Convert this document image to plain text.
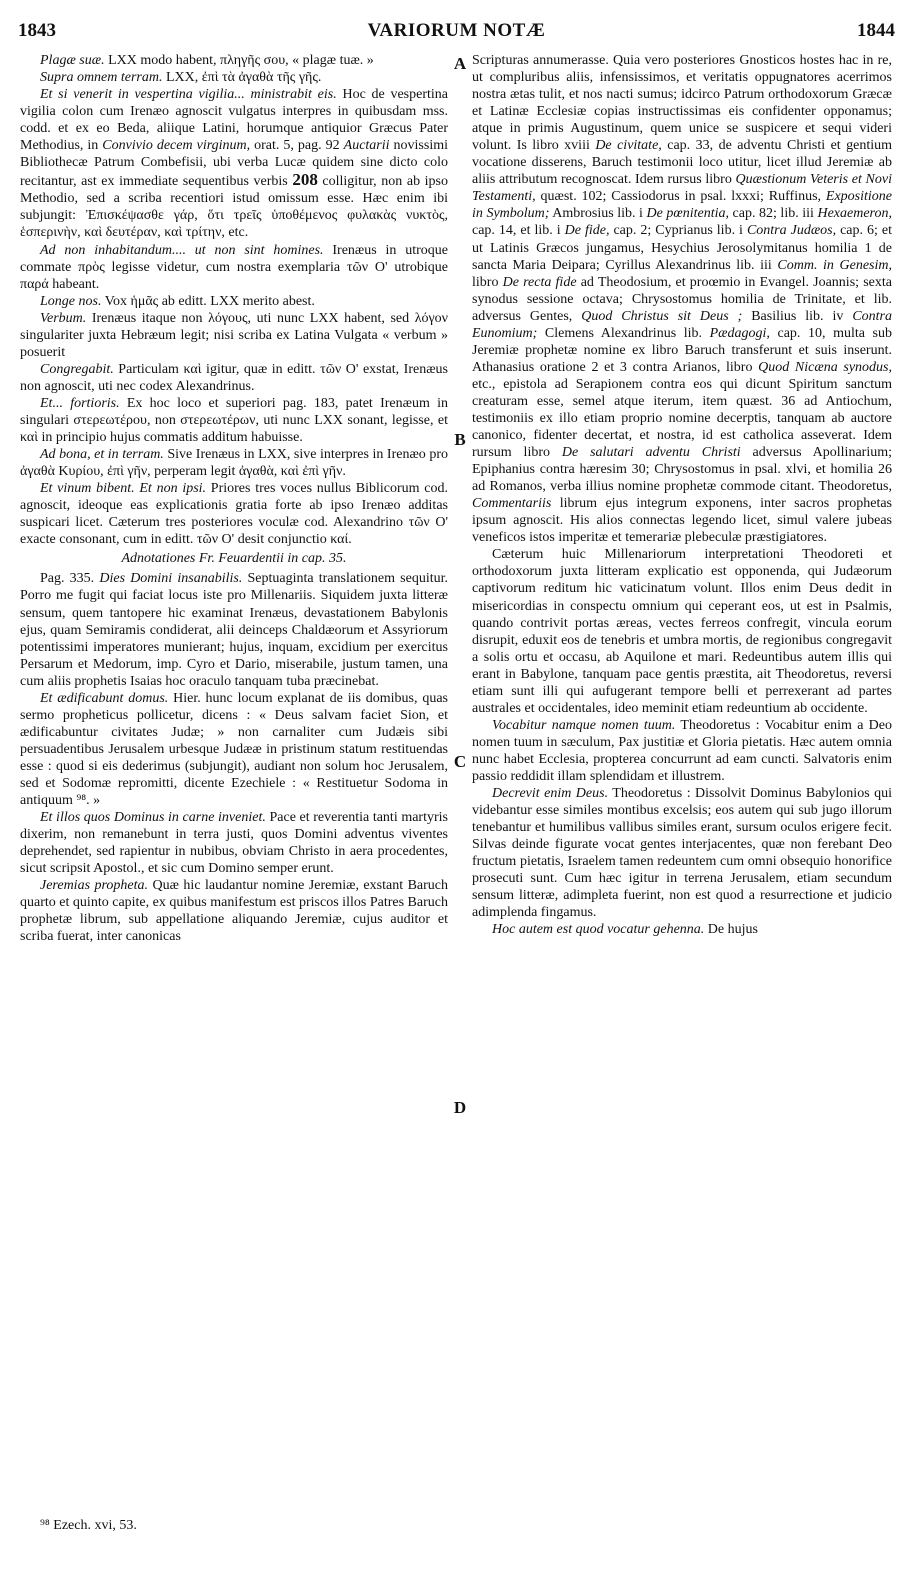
1843	VARIORUM NOTÆ	1844
A
B
C
D

Plagæ suæ. LXX modo habent, πληγῆς σου, « plagæ tuæ. »

Supra omnem terram. LXX, ἐπὶ τὰ ἀγαθὰ τῆς γῆς.

Et si venerit in vespertina vigilia... ministrabit eis. Hoc de vespertina vigilia colon cum Irenæo agnoscit vulgatus interpres in quibusdam mss. codd. et ex eo Beda, aliique Latini, horumque antiquior Græcus Pater Methodius, in Convivio decem virginum, orat. 5, pag. 92 Auctarii novissimi Bibliothecæ Patrum Combefisii, ubi verba Lucæ quidem sine dicto colo recitantur, ast ex immediate sequentibus verbis 208 colligitur, non ab ipso Methodio, sed a scriba recentiori istud omissum esse. Hæc enim ibi subjungit: Ἐπισκέψασθε γάρ, ὅτι τρεῖς ὑποθέμενος φυλακὰς νυκτὸς, ἑσπερινὴν, καὶ δευτέραν, καὶ τρίτην, etc.

Ad non inhabitandum.... ut non sint homines. Irenæus in utroque commate πρὸς legisse videtur, cum nostra exemplaria τῶν Ο' utrobique παρά habeant.

Longe nos. Vox ἡμᾶς ab editt. LXX merito abest.

Verbum. Irenæus itaque non λόγους, uti nunc LXX habent, sed λόγον singulariter juxta Hebræum legit; nisi scriba ex Latina Vulgata « verbum » posuerit

Congregabit. Particulam καὶ igitur, quæ in editt. τῶν Ο' exstat, Irenæus non agnoscit, uti nec codex Alexandrinus.

Et... fortioris. Ex hoc loco et superiori pag. 183, patet Irenæum in singulari στερεωτέρου, non στερεωτέρων, uti nunc LXX sonant, legisse, et καὶ in principio hujus commatis additum habuisse.

Ad bona, et in terram. Sive Irenæus in LXX, sive interpres in Irenæo pro ἀγαθὰ Κυρίου, ἐπὶ γῆν, perperam legit ἀγαθὰ, καὶ ἐπὶ γῆν.

Et vinum bibent. Et non ipsi. Priores tres voces nullus Biblicorum cod. agnoscit, ideoque eas explicationis gratia forte ab ipso Irenæo additas suspicari licet. Cæterum tres posteriores voculæ cod. Alexandrino τῶν Ο' exacte consonant, cum in editt. τῶν Ο' desit conjunctio καί.

Adnotationes Fr. Feuardentii in cap. 35.

Pag. 335. Dies Domini insanabilis. Septuaginta translationem sequitur. Porro me fugit qui faciat locus iste pro Millenariis. Siquidem juxta litteræ sensum, quem tantopere hic examinat Irenæus, devastationem Babylonis ejus, quam Semiramis condiderat, alii deinceps Chaldæorum et Assyriorum potentissimi imperatores munierant; hujus, inquam, excidium per exercitus Persarum et Medorum, imp. Cyro et Dario, miserabile, justum tamen, una cum aliis prophetis Isaias hoc oraculo tanquam tuba præcinebat.

Et ædificabunt domus. Hier. hunc locum explanat de iis domibus, quas sermo propheticus pollicetur, dicens : « Deus salvam faciet Sion, et ædificabuntur civitates Judæ; » non carnaliter cum Judæis sibi persuadentibus Jerusalem urbesque Judææ in pristinum statum restituendas esse : quod si eis dederimus (subjungit), audiant non solum hoc Jerusalem, sed et Sodomæ repromitti, dicente Ezechiele : « Restituetur Sodoma in antiquum ⁹⁸. »

Et illos quos Dominus in carne inveniet. Pace et reverentia tanti martyris dixerim, non remanebunt in terra justi, quos Domini adventus viventes deprehendet, sed rapientur in nubibus, obviam Christo in aera procedentes, sicut scripsit Apostol., et sic cum Domino semper erunt.

Jeremias propheta. Quæ hic laudantur nomine Jeremiæ, exstant Baruch quarto et quinto capite, ex quibus manifestum est priscos illos Patres Baruch prophetæ librum, sub appellatione aliquando Jeremiæ, cujus auditor et scriba fuerat, inter canonicas

Scripturas annumerasse. Quia vero posteriores Gnosticos hostes hac in re, ut compluribus aliis, infensissimos, et veritatis oppugnatores acerrimos nostra ætas tulit, et nos nacti sumus; idcirco Patrum orthodoxorum Græcæ et Latinæ Ecclesiæ copias instructissimas eis confidenter opponamus; atque in primis Augustinum, quem unice se suspicere et sequi videri volunt. Is libro xviii De civitate, cap. 33, de adventu Christi et gentium vocatione disserens, Baruch testimonii loco utitur, licet illud Jeremiæ ab aliis attributum recognoscat. Idem rursus libro Quæstionum Veteris et Novi Testamenti, quæst. 102; Cassiodorus in psal. lxxxi; Ruffinus, Expositione in Symbolum; Ambrosius lib. i De pœnitentia, cap. 82; lib. iii Hexaemeron, cap. 14, et lib. i De fide, cap. 2; Cyprianus lib. i Contra Judæos, cap. 6; et ut Latinis Græcos jungamus, Hesychius Jerosolymitanus homilia 1 de sancta Maria Deipara; Cyrillus Alexandrinus lib. iii Comm. in Genesim, libro De recta fide ad Theodosium, et proœmio in Evangel. Joannis; sexta synodus sessione octava; Chrysostomus homilia de Trinitate, et lib. adversus Gentes, Quod Christus sit Deus ; Basilius lib. iv Contra Eunomium; Clemens Alexandrinus lib. Pædagogi, cap. 10, multa sub Jeremiæ prophetæ nomine ex libro Baruch transferunt et suis inserunt. Athanasius oratione 2 et 3 contra Arianos, libro Quod Nicæna synodus, etc., epistola ad Serapionem contra eos qui dicunt Spiritum sanctum creaturam esse, semel atque iterum, item quæst. 36 ad Antiochum, testimoniis ex illo etiam proprio nomine decerptis, tanquam ab auctore canonico, fidenter decertat, et nostra, id est catholica asseverat. Idem rursum libro De salutari adventu Christi adversus Apollinarium; Epiphanius contra hæresim 30; Chrysostomus in psal. xlvi, et homilia 26 ad Romanos, verba illius nomine prophetæ commode citant. Theodoretus, Commentariis librum ejus integrum exponens, inter sacros prophetas ipsum agnoscit. His alios connectas legendo licet, simul valere jubeas veneficos istos imperitæ et temerariæ plebeculæ præstigiatores.

Cæterum huic Millenariorum interpretationi Theodoreti et orthodoxorum juxta litteram explicatio est opponenda, qui Judæorum captivorum reditum hic vaticinatum volunt. Illos enim Deus dedit in misericordias in conspectu omnium qui ceperant eos, ut est in Psalmis, quando contrivit portas æreas, vectes ferreos confregit, vincula eorum disrupit, eduxit eos de tenebris et umbra mortis, de regionibus congregavit a solis ortu et occasu, ab Aquilone et mari. Redeuntibus autem illis qui erant in Babylone, tanquam pace gentis præstita, ait Theodoretus, reversi etiam sunt illi qui aufugerant tempore belli et perrexerant ad partes australes et occidentales, ideo meminit etiam redeuntium ab occidente.

Vocabitur namque nomen tuum. Theodoretus : Vocabitur enim a Deo nomen tuum in sæculum, Pax justitiæ et Gloria pietatis. Hæc autem omnia nunc habet Ecclesia, propterea concurrunt ad eam cuncti. Salvatoris enim passio reddidit illam splendidam et illustrem.

Decrevit enim Deus. Theodoretus : Dissolvit Dominus Babylonios qui videbantur esse similes montibus excelsis; eos autem qui sub jugo illorum tenebantur et humilibus vallibus similes erant, sursum oculos erigere fecit. Silvas deinde figurate vocat gentes interjacentes, quæ non ferebant Deo fructum pietatis, Israelem tamen redeuntem cum omni obsequio honorifice prosecuti sunt. Cum hæc igitur in terrena Jerusalem, etiam secundum sensum litteræ, adimpleta fuerint, non est quod a resurrectione et judicio adimplenda fingamus.

Hoc autem est quod vocatur gehenna. De hujus

⁹⁸ Ezech. xvi, 53.
